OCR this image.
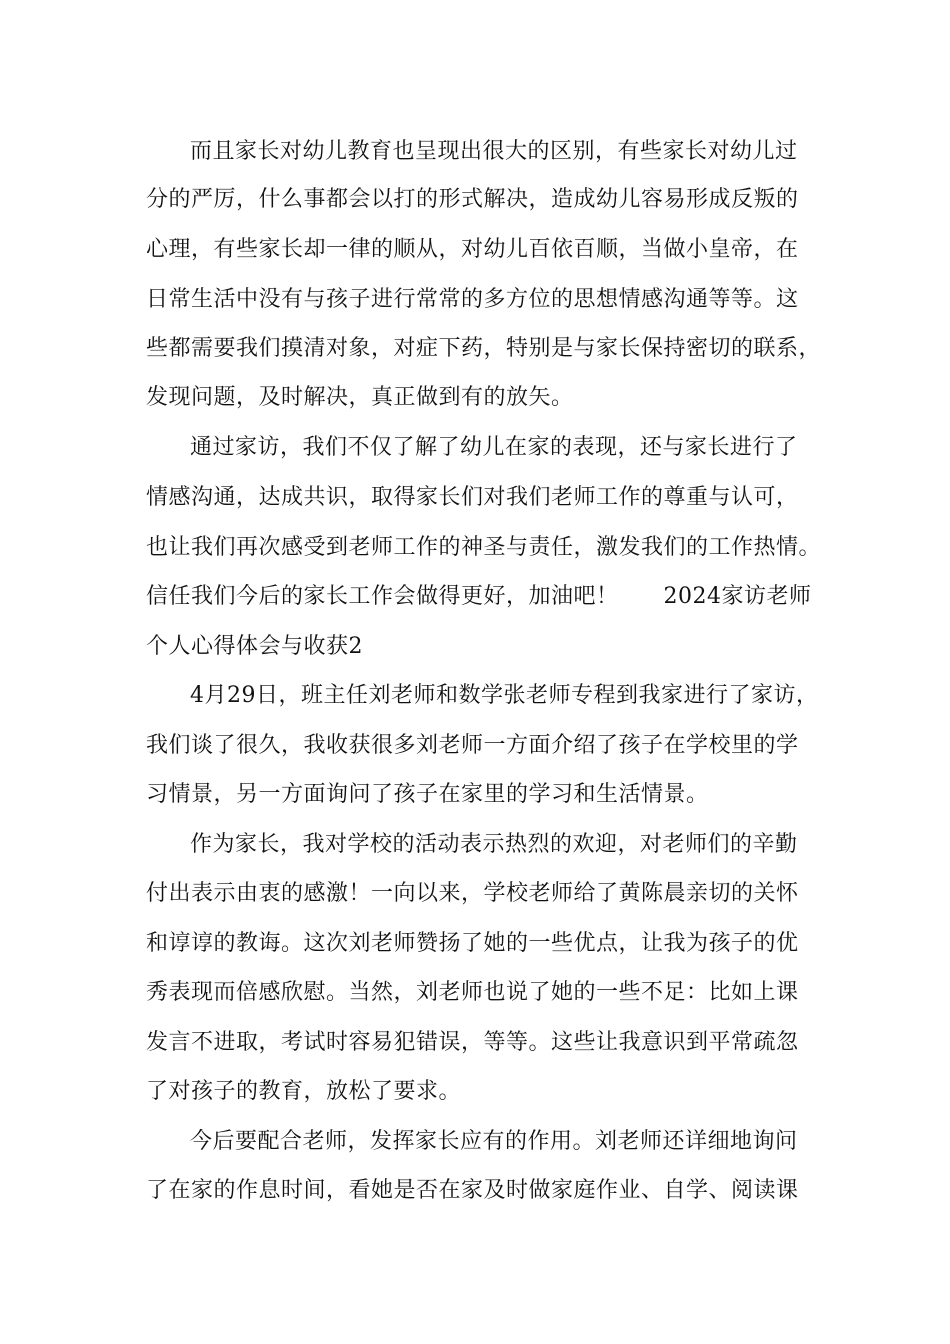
而且家长对幼儿教育也呈现出很大的区别，有些家长对幼儿过
分的严厉，什么事都会以打的形式解决，造成幼儿容易形成反叛的
心理，有些家长却一律的顺从，对幼儿百依百顺，当做小皇帝，在
日常生活中没有与孩子进行常常的多方位的思想情感沟通等等。这
些都需要我们摸清对象，对症下药，特别是与家长保持密切的联系，
发现问题，及时解决，真正做到有的放矢。
通过家访，我们不仅了解了幼儿在家的表现，还与家长进行了
情感沟通，达成共识，取得家长们对我们老师工作的尊重与认可，
也让我们再次感受到老师工作的神圣与责任，激发我们的工作热情。
信任我们今后的家长工作会做得更好，加油吧！　　2024家访老师
个人心得体会与收获2
4月29日，班主任刘老师和数学张老师专程到我家进行了家访，
我们谈了很久，我收获很多刘老师一方面介绍了孩子在学校里的学
习情景，另一方面询问了孩子在家里的学习和生活情景。
作为家长，我对学校的活动表示热烈的欢迎，对老师们的辛勤
付出表示由衷的感激！一向以来，学校老师给了黄陈晨亲切的关怀
和谆谆的教诲。这次刘老师赞扬了她的一些优点，让我为孩子的优
秀表现而倍感欣慰。当然，刘老师也说了她的一些不足：比如上课
发言不进取，考试时容易犯错误，等等。这些让我意识到平常疏忽
了对孩子的教育，放松了要求。
今后要配合老师，发挥家长应有的作用。刘老师还详细地询问
了在家的作息时间，看她是否在家及时做家庭作业、自学、阅读课
